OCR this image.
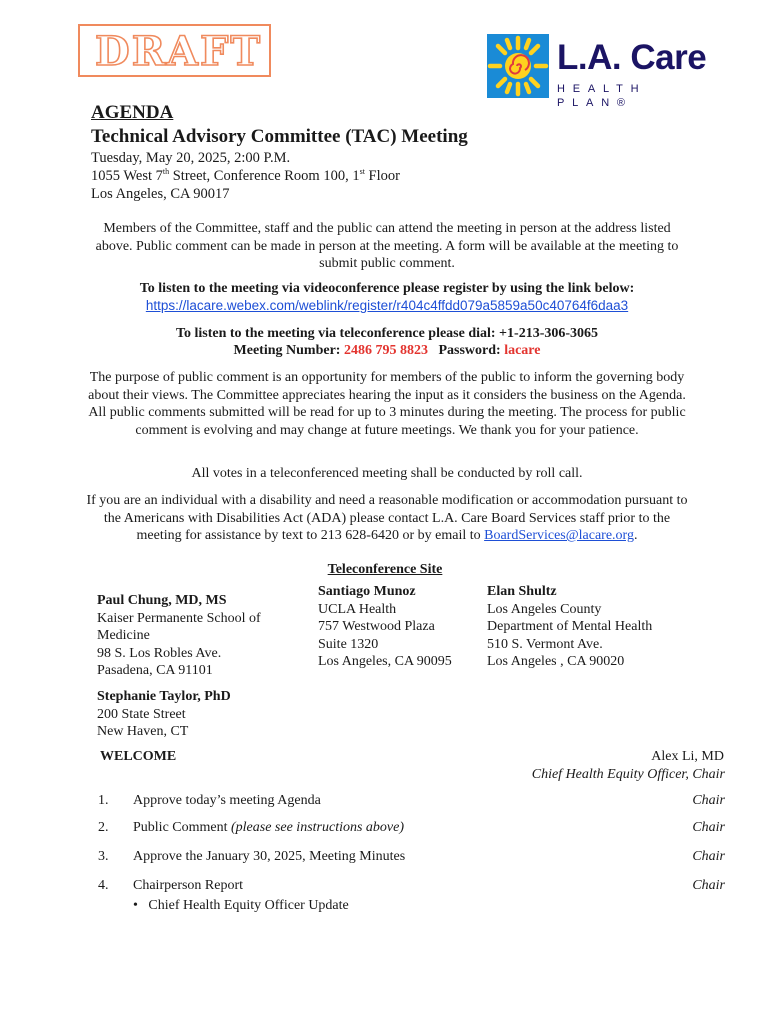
DRAFT	L.A. Care
HEALTH PLAN®
AGENDA
Technical Advisory Committee (TAC) Meeting
Tuesday, May 20, 2025, 2:00 P.M.
1055 West 7th Street, Conference Room 100, 1st Floor
Los Angeles, CA 90017
Members of the Committee, staff and the public can attend the meeting in person at the address listed above. Public comment can be made in person at the meeting. A form will be available at the meeting to submit public comment.
To listen to the meeting via videoconference please register by using the link below:
https://lacare.webex.com/weblink/register/r404c4ffdd079a5859a50c40764f6daa3
To listen to the meeting via teleconference please dial: +1-213-306-3065
Meeting Number: 2486 795 8823 Password: lacare
The purpose of public comment is an opportunity for members of the public to inform the governing body about their views. The Committee appreciates hearing the input as it considers the business on the Agenda. All public comments submitted will be read for up to 3 minutes during the meeting. The process for public comment is evolving and may change at future meetings. We thank you for your patience.
All votes in a teleconferenced meeting shall be conducted by roll call.
If you are an individual with a disability and need a reasonable modification or accommodation pursuant to the Americans with Disabilities Act (ADA) please contact L.A. Care Board Services staff prior to the meeting for assistance by text to 213 628-6420 or by email to BoardServices@lacare.org.
Teleconference Site
Paul Chung, MD, MS
Kaiser Permanente School of
Medicine
98 S. Los Robles Ave.
Pasadena, CA 91101
Santiago Munoz
UCLA Health
757 Westwood Plaza
Suite 1320
Los Angeles, CA 90095
Elan Shultz
Los Angeles County
Department of Mental Health
510 S. Vermont Ave.
Los Angeles , CA 90020
Stephanie Taylor, PhD
200 State Street
New Haven, CT
WELCOME	Alex Li, MD
Chief Health Equity Officer, Chair
1. Approve today’s meeting Agenda	Chair
2. Public Comment (please see instructions above)	Chair
3. Approve the January 30, 2025, Meeting Minutes	Chair
4. Chairperson Report	Chair
• Chief Health Equity Officer Update
